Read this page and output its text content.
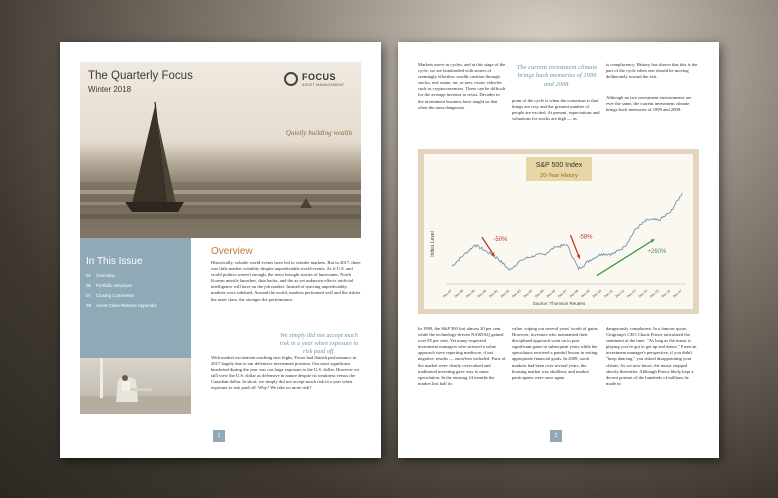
The Quarterly Focus
Winter 2018
FOCUS
ASSET MANAGEMENT
Quietly building wealth
In This Issue
01 Overview
05 Portfolio Structure
07 Closing Comments
08 Asset Class Returns Appendix
Overview
Historically, volatile world events have led to volatile markets. But in 2017, there was little market volatility despite unpredictable world events. As if U.S. and world politics weren't enough, the news brought stories of hurricanes, North Korean missile launches, data hacks, and the as yet unknown effects artificial intelligence will have on the job market. Instead of reacting unpredictably, markets were subdued. Around the world, markets performed well and the riskier the asset class, the stronger the performance.
We simply did not accept much risk in a year when exposure to risk paid off.
With market excitement reaching new highs, Focus had flattish performance in 2017 largely due to our defensive investment position. Our most significant headwind during the year was our large exposure to the U.S. dollar. However we still view the U.S. dollar as defensive in nature despite its weakness versus the Canadian dollar. In short, we simply did not accept much risk in a year when exposure to risk paid off. Why? We take on more risk?
1
Markets move in cycles, and at this stage of the cycle, we are bombarded with stories of seemingly effortless wealth creation through stocks, real estate, art, or new, exotic vehicles such as cryptocurrencies. These can be difficult for the average investor to resist. Decades in the investment business have taught us that often the most dangerous
The current investment climate brings back memories of 1999 and 2008.
point of the cycle is when the consensus is that things are rosy and the greatest number of people are excited. At present, expectations and valuations for stocks are high — as
is complacency. History has shown that this is the part of the cycle when one should be moving deliberately toward the exit.
Although no two investment environments are ever the same, the current investment climate brings back memories of 1999 and 2008.
S&P 500 Index
20-Year History
Index Level
Source: Thomson Reuters
Dec-97 Dec-98 Dec-99 Dec-00 Dec-01 Dec-02 Dec-03 Dec-04 Dec-05 Dec-06 Dec-07 Dec-08 Dec-09 Dec-10 Dec-11 Dec-12 Dec-13 Dec-14 Dec-15 Dec-16 Dec-17
-50%	-58%
+260%
In 1999, the S&P 500 lost almost 20 per cent while the technology-driven NASDAQ gained over 85 per cent. Yet many respected investment managers who stressed a value approach were reporting mediocre, if not negative, results — ourselves included. Parts of the market were clearly overvalued and traditional investing gave way to mass speculation. In the ensuing 24 months the market lost half its
value, wiping out several years' worth of gains. However, investors who maintained their disciplined approach went on to post significant gains in subsequent years while the speculators received a painful lesson in setting appropriate financial goals. In 2008, stock markets had been over several years, the housing market was ebullient, and market participants were once again
dangerously complacent. In a famous quote, Citigroup's CEO Chuck Prince articulated the sentiment at the time: "As long as the music is playing you've got to get up and dance." From an investment manager's perspective, if you didn't "keep dancing," you risked disappointing your clients. As we now know, the music stopped shortly thereafter. Although Prince likely kept a decent portion of the hundreds of millions he made in
2
